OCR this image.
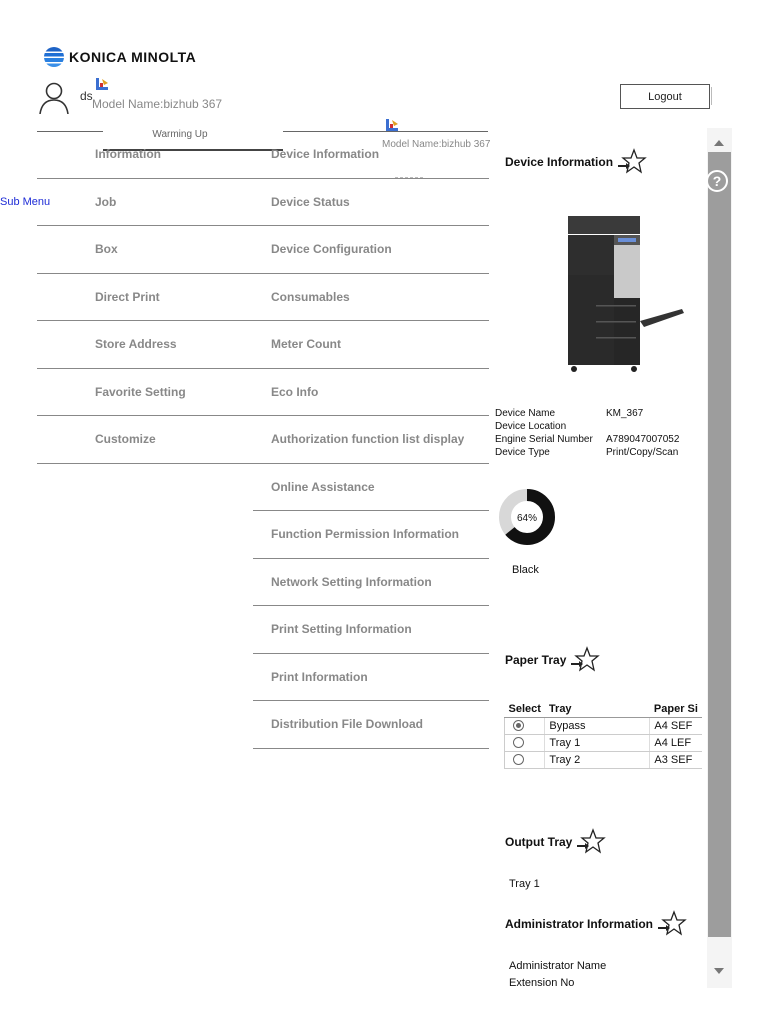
KONICA MINOLTA
ds
Model Name:bizhub 367
Logout
Warming Up
Model Name:bizhub 367
Information
Job
Box
Direct Print
Store Address
Favorite Setting
Customize
Sub Menu
Device Information
Device Status
Device Configuration
Consumables
Meter Count
Eco Info
Authorization function list display
Online Assistance
Function Permission Information
Network Setting Information
Print Setting Information
Print Information
Distribution File Download
Device Information
Device Name	KM_367
Device Location
Engine Serial Number	A789047007052
Device Type	Print/Copy/Scan
64%
Black
Paper Tray
Select	Tray	Paper Si
	Bypass	A4 SEF
	Tray 1	A4 LEF
	Tray 2	A3 SEF
Output Tray
Tray 1
Administrator Information
Administrator Name
Extension No
?
